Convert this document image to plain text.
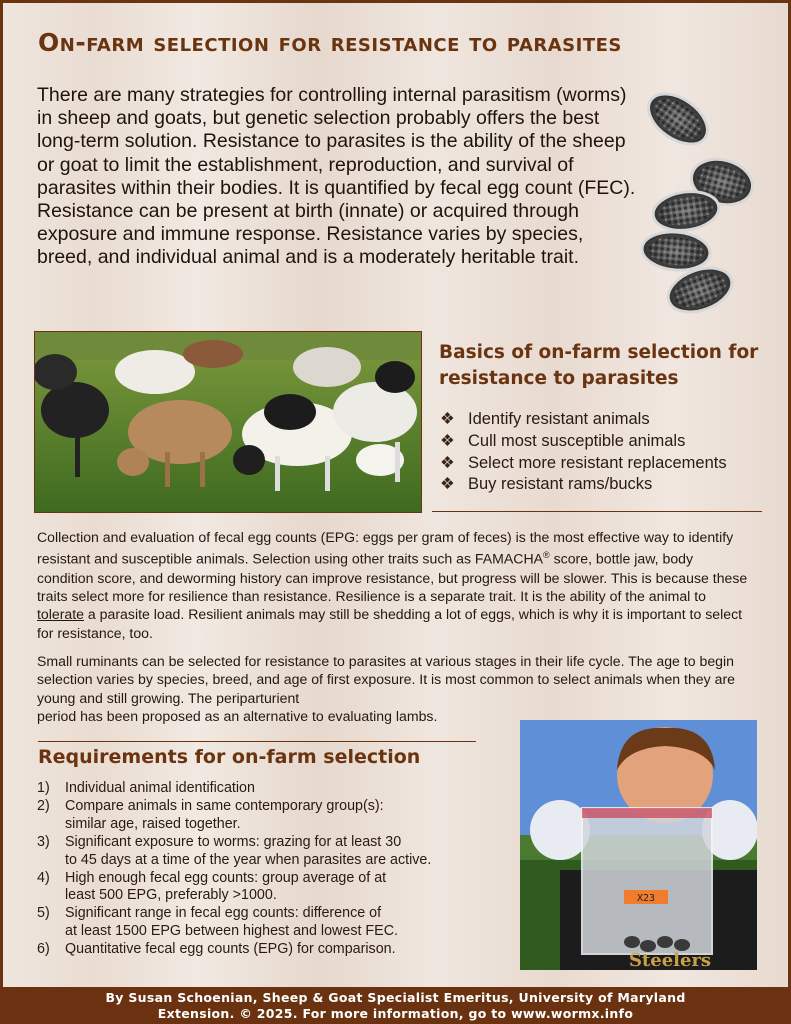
On-farm selection for resistance to parasites

There are many strategies for controlling internal parasitism (worms) in sheep and goats, but genetic selection probably offers the best long-term solution. Resistance to parasites is the ability of the sheep or goat to limit the establishment, reproduction, and survival of parasites within their bodies. It is quantified by fecal egg count (FEC). Resistance can be present at birth (innate) or acquired through exposure and immune response. Resistance varies by species, breed, and individual animal and is a moderately heritable trait.

Basics of on-farm selection for resistance to parasites
❖ Identify resistant animals
❖ Cull most susceptible animals
❖ Select more resistant replacements
❖ Buy resistant rams/bucks

Collection and evaluation of fecal egg counts (EPG: eggs per gram of feces) is the most effective way to identify resistant and susceptible animals. Selection using other traits such as FAMACHA® score, bottle jaw, body condition score, and deworming history can improve resistance, but progress will be slower. This is because these traits select more for resilience than resistance. Resilience is a separate trait. It is the ability of the animal to tolerate a parasite load. Resilient animals may still be shedding a lot of eggs, which is why it is important to select for resistance, too.

Small ruminants can be selected for resistance to parasites at various stages in their life cycle. The age to begin selection varies by species, breed, and age of first exposure. It is most common to select animals when they are young and still growing. The periparturient
period has been proposed as an alternative to evaluating lambs.

Requirements for on-farm selection
1) Individual animal identification
2) Compare animals in same contemporary group(s):
similar age, raised together.
3) Significant exposure to worms: grazing for at least 30
to 45 days at a time of the year when parasites are active.
4) High enough fecal egg counts: group average of at
least 500 EPG, preferably >1000.
5) Significant range in fecal egg counts: difference of
at least 1500 EPG between highest and lowest FEC.
6) Quantitative fecal egg counts (EPG) for comparison.
X23
Steelers
By Susan Schoenian, Sheep & Goat Specialist Emeritus, University of Maryland
Extension. © 2025. For more information, go to www.wormx.info
